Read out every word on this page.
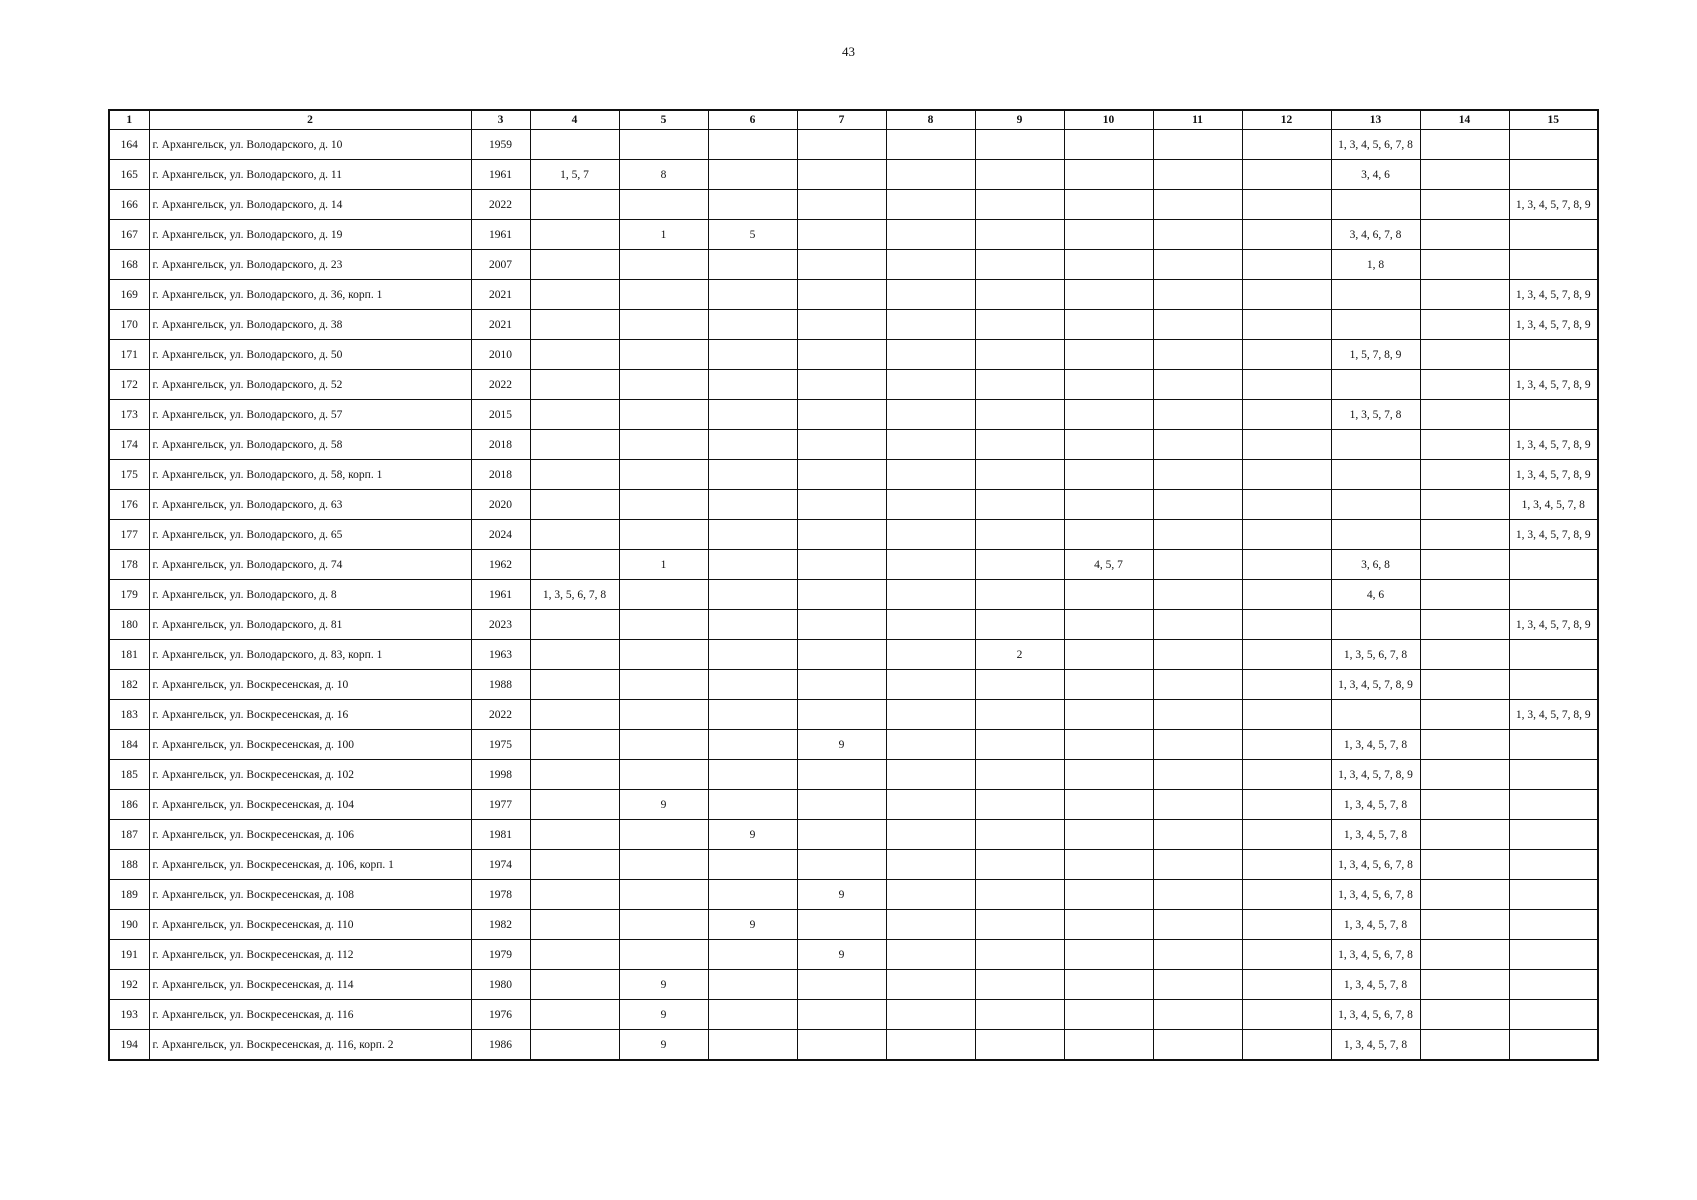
43
1	2	3	4	5	6	7	8	9	10	11	12	13	14	15
164	г. Архангельск, ул. Володарского, д. 10	1959										1, 3, 4, 5, 6, 7, 8		
165	г. Архангельск, ул. Володарского, д. 11	1961	1, 5, 7	8								3, 4, 6		
166	г. Архангельск, ул. Володарского, д. 14	2022												1, 3, 4, 5, 7, 8, 9
167	г. Архангельск, ул. Володарского, д. 19	1961		1	5							3, 4, 6, 7, 8		
168	г. Архангельск, ул. Володарского, д. 23	2007										1, 8		
169	г. Архангельск, ул. Володарского, д. 36, корп. 1	2021												1, 3, 4, 5, 7, 8, 9
170	г. Архангельск, ул. Володарского, д. 38	2021												1, 3, 4, 5, 7, 8, 9
171	г. Архангельск, ул. Володарского, д. 50	2010										1, 5, 7, 8, 9		
172	г. Архангельск, ул. Володарского, д. 52	2022												1, 3, 4, 5, 7, 8, 9
173	г. Архангельск, ул. Володарского, д. 57	2015										1, 3, 5, 7, 8		
174	г. Архангельск, ул. Володарского, д. 58	2018												1, 3, 4, 5, 7, 8, 9
175	г. Архангельск, ул. Володарского, д. 58, корп. 1	2018												1, 3, 4, 5, 7, 8, 9
176	г. Архангельск, ул. Володарского, д. 63	2020												1, 3, 4, 5, 7, 8
177	г. Архангельск, ул. Володарского, д. 65	2024												1, 3, 4, 5, 7, 8, 9
178	г. Архангельск, ул. Володарского, д. 74	1962		1					4, 5, 7			3, 6, 8		
179	г. Архангельск, ул. Володарского, д. 8	1961	1, 3, 5, 6, 7, 8									4, 6		
180	г. Архангельск, ул. Володарского, д. 81	2023												1, 3, 4, 5, 7, 8, 9
181	г. Архангельск, ул. Володарского, д. 83, корп. 1	1963						2				1, 3, 5, 6, 7, 8		
182	г. Архангельск, ул. Воскресенская, д. 10	1988										1, 3, 4, 5, 7, 8, 9		
183	г. Архангельск, ул. Воскресенская, д. 16	2022												1, 3, 4, 5, 7, 8, 9
184	г. Архангельск, ул. Воскресенская, д. 100	1975				9						1, 3, 4, 5, 7, 8		
185	г. Архангельск, ул. Воскресенская, д. 102	1998										1, 3, 4, 5, 7, 8, 9		
186	г. Архангельск, ул. Воскресенская, д. 104	1977		9								1, 3, 4, 5, 7, 8		
187	г. Архангельск, ул. Воскресенская, д. 106	1981			9							1, 3, 4, 5, 7, 8		
188	г. Архангельск, ул. Воскресенская, д. 106, корп. 1	1974										1, 3, 4, 5, 6, 7, 8		
189	г. Архангельск, ул. Воскресенская, д. 108	1978				9						1, 3, 4, 5, 6, 7, 8		
190	г. Архангельск, ул. Воскресенская, д. 110	1982			9							1, 3, 4, 5, 7, 8		
191	г. Архангельск, ул. Воскресенская, д. 112	1979				9						1, 3, 4, 5, 6, 7, 8		
192	г. Архангельск, ул. Воскресенская, д. 114	1980		9								1, 3, 4, 5, 7, 8		
193	г. Архангельск, ул. Воскресенская, д. 116	1976		9								1, 3, 4, 5, 6, 7, 8		
194	г. Архангельск, ул. Воскресенская, д. 116, корп. 2	1986		9								1, 3, 4, 5, 7, 8		
